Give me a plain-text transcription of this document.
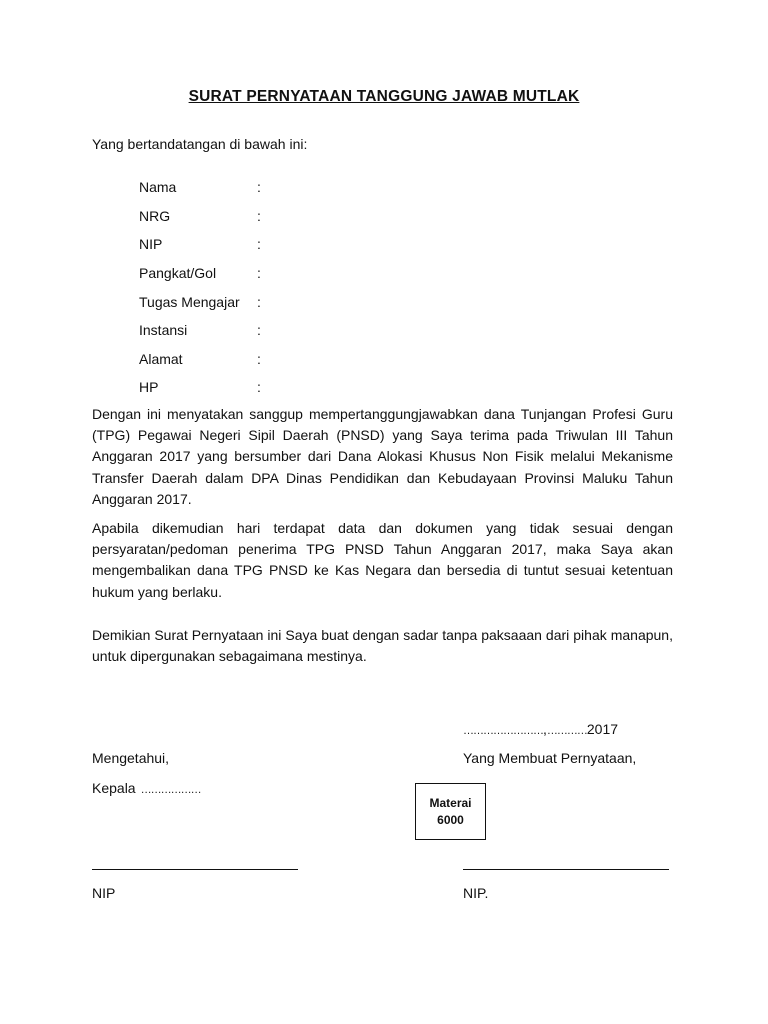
SURAT PERNYATAAN TANGGUNG JAWAB MUTLAK
Yang bertandatangan di bawah ini:
Nama	:
NRG	:
NIP	:
Pangkat/Gol	:
Tugas Mengajar	:
Instansi	:
Alamat	:
HP	:

Dengan ini menyatakan sanggup mempertanggungjawabkan dana Tunjangan Profesi Guru (TPG) Pegawai Negeri Sipil Daerah (PNSD) yang Saya terima pada Triwulan III Tahun Anggaran 2017 yang bersumber dari Dana Alokasi Khusus Non Fisik melalui Mekanisme Transfer Daerah dalam DPA Dinas Pendidikan dan Kebudayaan Provinsi Maluku Tahun Anggaran 2017.

Apabila dikemudian hari terdapat data dan dokumen yang tidak sesuai dengan persyaratan/pedoman penerima TPG PNSD Tahun Anggaran 2017, maka Saya akan mengembalikan dana TPG PNSD ke Kas Negara dan bersedia di tuntut sesuai ketentuan hukum yang berlaku.

Demikian Surat Pernyataan ini Saya buat dengan sadar tanpa paksaaan dari pihak manapun, untuk dipergunakan sebagaimana mestinya.

……………………,…………2017
Mengetahui,	Yang Membuat Pernyataan,
Kepala ………………
Materai
6000
NIP	NIP.
